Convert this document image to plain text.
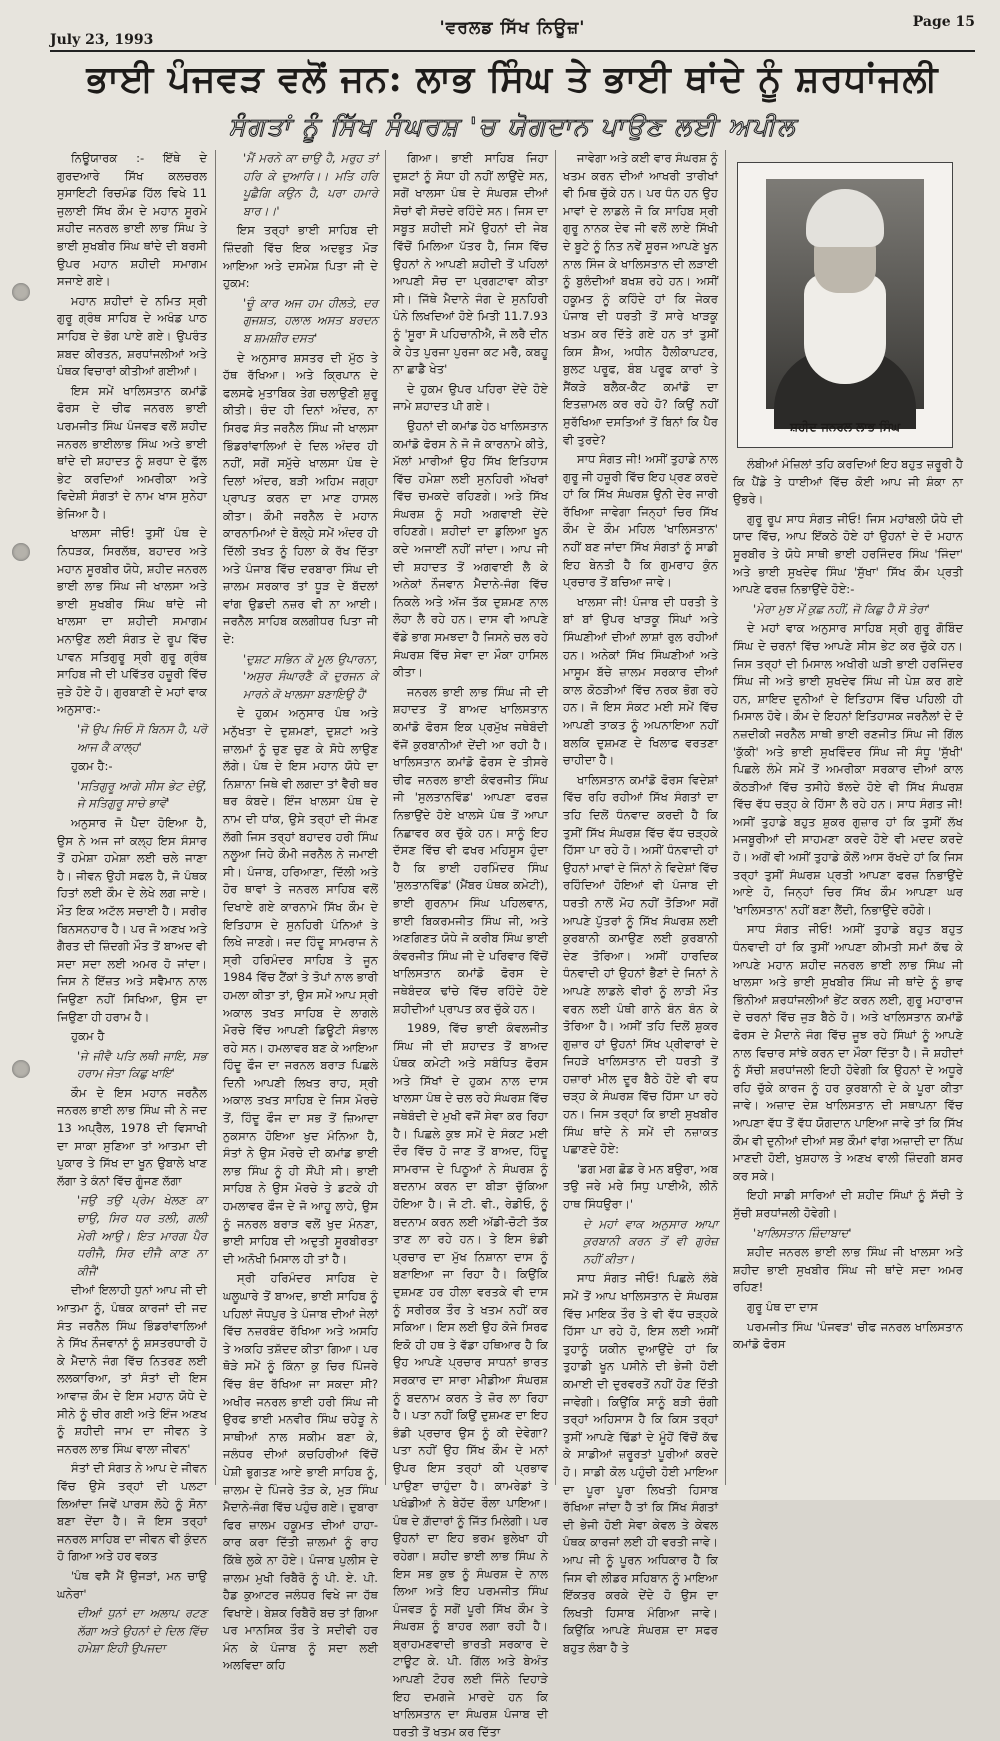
July 23, 1993
'ਵਰਲਡ ਸਿੱਖ ਨਿਊਜ਼'	Page 15
ਭਾਈ ਪੰਜਵੜ ਵਲੋਂ ਜਨ: ਲਾਭ ਸਿੰਘ ਤੇ ਭਾਈ ਥਾਂਦੇ ਨੂੰ ਸ਼ਰਧਾਂਜਲੀ
ਸੰਗਤਾਂ ਨੂੰ ਸਿੱਖ ਸੰਘਰਸ਼ 'ਚ ਯੋਗਦਾਨ ਪਾਉਣ ਲਈ ਅਪੀਲ

ਨਿਊਯਾਰਕ :- ਇੱਥੇ ਦੇ ਗੁਰਦਆਰੇ ਸਿੱਖ ਕਲਚਰਲ ਸੁਸਾਇਟੀ ਰਿਚਮੰਡ ਹਿੱਲ ਵਿਖੇ 11 ਜੁਲਾਈ ਸਿੱਖ ਕੌਮ ਦੇ ਮਹਾਨ ਸੂਰਮੇ ਸ਼ਹੀਦ ਜਨਰਲ ਭਾਈ ਲਾਭ ਸਿੰਘ ਤੇ ਭਾਈ ਸੁਖਬੀਰ ਸਿੰਘ ਥਾਂਦੇ ਦੀ ਬਰਸੀ ਉਪਰ ਮਹਾਨ ਸ਼ਹੀਦੀ ਸਮਾਗਮ ਸਜਾਏ ਗਏ।

ਮਹਾਨ ਸ਼ਹੀਦਾਂ ਦੇ ਨਮਿਤ ਸ੍ਰੀ ਗੁਰੂ ਗ੍ਰੰਥ ਸਾਹਿਬ ਦੇ ਅਖੰਡ ਪਾਠ ਸਾਹਿਬ ਦੇ ਭੋਗ ਪਾਏ ਗਏ। ਉਪਰੰਤ ਸ਼ਬਦ ਕੀਰਤਨ, ਸ਼ਰਧਾਂਜਲੀਆਂ ਅਤੇ ਪੰਥਕ ਵਿਚਾਰਾਂ ਕੀਤੀਆਂ ਗਈਆਂ।

ਇਸ ਸਮੇਂ ਖਾਲਿਸਤਾਨ ਕਮਾਂਡੋ ਫੋਰਸ ਦੇ ਚੀਫ ਜਨਰਲ ਭਾਈ ਪਰਮਜੀਤ ਸਿੰਘ ਪੰਜਵੜ ਵਲੋਂ ਸ਼ਹੀਦ ਜਨਰਲ ਭਾਈਲਾਭ ਸਿੰਘ ਅਤੇ ਭਾਈ ਥਾਂਦੇ ਦੀ ਸ਼ਹਾਦਤ ਨੂੰ ਸ਼ਰਧਾ ਦੇ ਫੁੱਲ ਭੇਟ ਕਰਦਿਆਂ ਅਮਰੀਕਾ ਅਤੇ ਵਿਦੇਸ਼ੀ ਸੰਗਤਾਂ ਦੇ ਨਾਮ ਖਾਸ ਸੁਨੇਹਾ ਭੇਜਿਆ ਹੈ।

ਖਾਲਸਾ ਜੀਓ! ਤੁਸੀਂ ਪੰਥ ਦੇ ਨਿਧੜਕ, ਸਿਰਲੱਥ, ਬਹਾਦਰ ਅਤੇ ਮਹਾਨ ਸੂਰਬੀਰ ਯੋਧੇ, ਸ਼ਹੀਦ ਜਨਰਲ ਭਾਈ ਲਾਭ ਸਿੰਘ ਜੀ ਖਾਲਸਾ ਅਤੇ ਭਾਈ ਸੁਖਬੀਰ ਸਿੰਘ ਥਾਂਦੇ ਜੀ ਖਾਲਸਾ ਦਾ ਸ਼ਹੀਦੀ ਸਮਾਗਮ ਮਨਾਉਣ ਲਈ ਸੰਗਤ ਦੇ ਰੂਪ ਵਿੱਚ ਪਾਵਨ ਸਤਿਗੁਰੂ ਸ੍ਰੀ ਗੁਰੂ ਗ੍ਰੰਥ ਸਾਹਿਬ ਜੀ ਦੀ ਪਵਿੱਤਰ ਹਜ਼ੂਰੀ ਵਿੱਚ ਜੁੜੇ ਹੋਏ ਹੋ। ਗੁਰਬਾਣੀ ਦੇ ਮਹਾਂ ਵਾਕ ਅਨੁਸਾਰ:-

'ਜੋ ਉਪ ਜਿਓ ਸੋ ਬਿਨਸ ਹੈ, ਪਰੋ ਆਜ ਕੈ ਕਾਲ੍ਹ'

ਹੁਕਮ ਹੈ:-

'ਸਤਿਗੁਰੂ ਆਗੇ ਸੀਸ ਭੇਟ ਦੇਉਂ, ਜੇ ਸਤਿਗੁਰੂ ਸਾਚੇ ਭਾਵੇਂ'

ਅਨੁਸਾਰ ਜੋ ਪੈਦਾ ਹੋਇਆ ਹੈ, ਉਸ ਨੇ ਅਜ ਜਾਂ ਕਲ੍ਹ ਇਸ ਸੰਸਾਰ ਤੋਂ ਹਮੇਸ਼ਾ ਹਮੇਸ਼ਾ ਲਈ ਚਲੇ ਜਾਣਾ ਹੈ। ਜੀਵਨ ਉਹੀ ਸਫਲ ਹੈ, ਜੋ ਪੰਥਕ ਹਿਤਾਂ ਲਈ ਕੌਮ ਦੇ ਲੇਖੇ ਲਗ ਜਾਏ। ਮੌਤ ਇਕ ਅਟੱਲ ਸਚਾਈ ਹੈ। ਸਰੀਰ ਬਿਨਸਨਹਾਰ ਹੈ। ਪਰ ਜੋ ਅਣਖ ਅਤੇ ਗੈਰਤ ਦੀ ਜ਼ਿੰਦਗੀ ਮੌਤ ਤੋਂ ਬਾਅਦ ਵੀ ਸਦਾ ਸਦਾ ਲਈ ਅਮਰ ਹੋ ਜਾਂਦਾ। ਜਿਸ ਨੇ ਇੱਜ਼ਤ ਅਤੇ ਸਵੈਮਾਨ ਨਾਲ ਜਿਉਣਾ ਨਹੀਂ ਸਿਖਿਆ, ਉਸ ਦਾ ਜਿਉਣਾ ਹੀ ਹਰਾਮ ਹੈ।

ਹੁਕਮ ਹੈ

'ਜੇ ਜੀਵੈ ਪਤਿ ਲਥੀ ਜਾਇ, ਸਭ ਹਰਾਮ ਜੇਤਾ ਕਿਛੁ ਖਾਇ'

ਕੌਮ ਦੇ ਇਸ ਮਹਾਨ ਜਰਨੈਲ ਜਨਰਲ ਭਾਈ ਲਾਭ ਸਿੰਘ ਜੀ ਨੇ ਜਦ 13 ਅਪ੍ਰੈਲ, 1978 ਦੀ ਵਿਸਾਖੀ ਦਾ ਸਾਕਾ ਸੁਣਿਆ ਤਾਂ ਆਤਮਾ ਦੀ ਪੁਕਾਰ ਤੇ ਸਿੱਖ ਦਾ ਖੂਨ ਉਬਾਲੇ ਖਾਣ ਲੱਗਾ ਤੇ ਕੰਨਾਂ ਵਿੱਚ ਗੂੰਜਣ ਲੱਗਾ

'ਜਉ ਤਉ ਪ੍ਰੇਮ ਖੇਲਣ ਕਾ ਚਾਉ, ਸਿਰ ਧਰ ਤਲੀ, ਗਲੀ ਮੇਰੀ ਆਉ। ਇਤ ਮਾਰਗ ਪੈਰ ਧਰੀਜੈ, ਸਿਰ ਦੀਜੈ ਕਾਣ ਨਾ ਕੀਜੈ'

ਦੀਆਂ ਇਲਾਹੀ ਧੁਨਾਂ ਆਪ ਜੀ ਦੀ ਆਤਮਾ ਨੂੰ, ਪੰਥਕ ਕਾਰਜਾਂ ਦੀ ਜਦ ਸੰਤ ਜਰਨੈਲ ਸਿੰਘ ਭਿੰਡਰਾਂਵਾਲਿਆਂ ਨੇ ਸਿੱਖ ਨੌਜਵਾਨਾਂ ਨੂੰ ਸ਼ਸਤਰਧਾਰੀ ਹੋ ਕੇ ਮੈਦਾਨੇ ਜੰਗ ਵਿੱਚ ਨਿਤਰਣ ਲਈ ਲਲਕਾਰਿਆ, ਤਾਂ ਸੰਤਾਂ ਦੀ ਇਸ ਆਵਾਜ਼ ਕੌਮ ਦੇ ਇਸ ਮਹਾਨ ਯੋਧੇ ਦੇ ਸੀਨੇ ਨੂੰ ਚੀਰ ਗਈ ਅਤੇ ਇੰਜ ਅਣਖ ਨੂੰ ਸ਼ਹੀਦੀ ਜਾਮ ਦਾ ਜੀਵਨ ਤੇ ਜਨਰਲ ਲਾਭ ਸਿੰਘ ਵਾਲਾ ਜੀਵਨ'

ਸੰਤਾਂ ਦੀ ਸੰਗਤ ਨੇ ਆਪ ਦੇ ਜੀਵਨ ਵਿੱਚ ਉਸੇ ਤਰ੍ਹਾਂ ਦੀ ਪਲਟਾ ਲਿਆਂਦਾ ਜਿਵੇਂ ਪਾਰਸ ਲੋਹੇ ਨੂੰ ਸੋਨਾ ਬਣਾ ਦੇਂਦਾ ਹੈ। ਜੋ ਇਸ ਤਰ੍ਹਾਂ ਜਨਰਲ ਸਾਹਿਬ ਦਾ ਜੀਵਨ ਵੀ ਕੁੰਦਨ ਹੋ ਗਿਆ ਅਤੇ ਹਰ ਵਕਤ

'ਪੰਥ ਵਸੈ ਮੈਂ ਉਜੜਾਂ, ਮਨ ਚਾਉ ਘਨੇਰਾ'

ਦੀਆਂ ਧੁਨਾਂ ਦਾ ਅਲਾਪ ਰਟਣ ਲੱਗਾ ਅਤੇ ਉਹਨਾਂ ਦੇ ਦਿਲ ਵਿੱਚ ਹਮੇਸ਼ਾ ਇਹੀ ਉਪਜਦਾ

'ਮੈਂ ਮਰਨੇ ਕਾ ਚਾਉ ਹੈ, ਮਰੁਹ ਤਾਂ ਹਰਿ ਕੇ ਦੁਆਰਿ।। ਮਤਿ ਹਰਿ ਪੂਛੈਗਿ ਕਉਨ ਹੈ, ਪਰਾ ਹਮਾਰੇ ਬਾਰ।।'

ਇਸ ਤਰ੍ਹਾਂ ਭਾਈ ਸਾਹਿਬ ਦੀ ਜ਼ਿੰਦਗੀ ਵਿੱਚ ਇਕ ਅਦਭੁਤ ਮੋੜ ਆਇਆ ਅਤੇ ਦਸਮੇਸ਼ ਪਿਤਾ ਜੀ ਦੇ ਹੁਕਮ:

'ਚੂੰ ਕਾਰ ਅਜ ਹਮ ਹੀਲਤੇ, ਦਰ ਗੁਜਸ਼ਤ, ਹਲਾਲ ਅਸਤ ਬਰਦਨ ਬ ਸ਼ਮਸ਼ੀਰ ਦਸਤ'

ਦੇ ਅਨੁਸਾਰ ਸ਼ਸਤਰ ਦੀ ਮੁੱਠ ਤੇ ਹੱਥ ਰੱਖਿਆ। ਅਤੇ ਕ੍ਰਿਪਾਨ ਦੇ ਫਲਸਫੇ ਮੁਤਾਬਿਕ ਤੇਗ ਚਲਾਉਣੀ ਸ਼ੁਰੂ ਕੀਤੀ। ਚੰਦ ਹੀ ਦਿਨਾਂ ਅੰਦਰ, ਨਾ ਸਿਰਫ ਸੰਤ ਜਰਨੈਲ ਸਿੰਘ ਜੀ ਖਾਲਸਾ ਭਿੰਡਰਾਂਵਾਲਿਆਂ ਦੇ ਦਿਲ ਅੰਦਰ ਹੀ ਨਹੀਂ, ਸਗੋਂ ਸਮੁੱਚੇ ਖਾਲਸਾ ਪੰਥ ਦੇ ਦਿਲਾਂ ਅੰਦਰ, ਬੜੀ ਅਹਿਮ ਜਗ੍ਹਾ ਪ੍ਰਾਪਤ ਕਰਨ ਦਾ ਮਾਣ ਹਾਸਲ ਕੀਤਾ। ਕੌਮੀ ਜਰਨੈਲ ਦੇ ਮਹਾਨ ਕਾਰਨਾਮਿਆਂ ਦੇ ਬੋਲ੍ਹੇ ਸਮੇਂ ਅੰਦਰ ਹੀ ਦਿੱਲੀ ਤਖਤ ਨੂੰ ਹਿਲਾ ਕੇ ਰੱਖ ਦਿੱਤਾ ਅਤੇ ਪੰਜਾਬ ਵਿੱਚ ਦਰਬਾਰਾ ਸਿੰਘ ਦੀ ਜ਼ਾਲਮ ਸਰਕਾਰ ਤਾਂ ਧੂੜ ਦੇ ਬੱਦਲਾਂ ਵਾਂਗ ਉਡਦੀ ਨਜ਼ਰ ਵੀ ਨਾ ਆਈ। ਜਰਨੈਲ ਸਾਹਿਬ ਕਲਗੀਧਰ ਪਿਤਾ ਜੀ ਦੇ:

'ਦੁਸ਼ਟ ਸਭਿਨ ਕੋ ਮੂਲ ਉਪਾਰਨਾ, 'ਅਸੁਰ ਸੰਘਾਰਣੈ ਕੋ ਦੁਰਜਨ ਕੇ ਮਾਰਨੇ ਕੋ ਖਾਲਸਾ ਬਣਾਇਉ ਹੈ'

ਦੇ ਹੁਕਮ ਅਨੁਸਾਰ ਪੰਥ ਅਤੇ ਮਨੁੱਖਤਾ ਦੇ ਦੁਸ਼ਮਣਾਂ, ਦੁਸ਼ਟਾਂ ਅਤੇ ਜ਼ਾਲਮਾਂ ਨੂੰ ਚੁਣ ਚੁਣ ਕੇ ਸੋਧੇ ਲਾਉਣ ਲੱਗੇ। ਪੰਥ ਦੇ ਇਸ ਮਹਾਨ ਯੋਧੇ ਦਾ ਨਿਸ਼ਾਨਾ ਜਿਥੇ ਵੀ ਲਗਦਾ ਤਾਂ ਵੈਰੀ ਥਰ ਥਰ ਕੰਬਦੇ। ਇੰਜ ਖਾਲਸਾ ਪੰਥ ਦੇ ਨਾਮ ਦੀ ਧਾਂਕ, ਉਸੇ ਤਰ੍ਹਾਂ ਦੀ ਜੰਮਣ ਲੱਗੀ ਜਿਸ ਤਰ੍ਹਾਂ ਬਹਾਦਰ ਹਰੀ ਸਿੰਘ ਨਲੂਆ ਜਿਹੇ ਕੌਮੀ ਜਰਨੈਲ ਨੇ ਜਮਾਈ ਸੀ। ਪੰਜਾਬ, ਹਰਿਆਣਾ, ਦਿੱਲੀ ਅਤੇ ਹੋਰ ਥਾਵਾਂ ਤੇ ਜਨਰਲ ਸਾਹਿਬ ਵਲੋਂ ਦਿਖਾਏ ਗਏ ਕਾਰਨਾਮੇ ਸਿੱਖ ਕੌਮ ਦੇ ਇਤਿਹਾਸ ਦੇ ਸੁਨਹਿਰੀ ਪੰਨਿਆਂ ਤੇ ਲਿਖੇ ਜਾਣਗੇ। ਜਦ ਹਿੰਦੂ ਸਾਮਰਾਜ ਨੇ ਸ੍ਰੀ ਹਰਿਮੰਦਰ ਸਾਹਿਬ ਤੇ ਜੂਨ 1984 ਵਿੱਚ ਟੈਂਕਾਂ ਤੇ ਤੋਪਾਂ ਨਾਲ ਭਾਰੀ ਹਮਲਾ ਕੀਤਾ ਤਾਂ, ਉਸ ਸਮੇਂ ਆਪ ਸ੍ਰੀ ਅਕਾਲ ਤਖਤ ਸਾਹਿਬ ਦੇ ਲਾਗਲੇ ਮੋਰਚੇ ਵਿੱਚ ਆਪਣੀ ਡਿਊਟੀ ਸੰਭਾਲ ਰਹੇ ਸਨ। ਹਮਲਾਵਰ ਬਣ ਕੇ ਆਇਆ ਹਿੰਦੂ ਫੌਜ ਦਾ ਜਰਨਲ ਬਰਾੜ ਪਿਛਲੇ ਦਿਨੀ ਆਪਣੀ ਲਿਖਤ ਰਾਹ, ਸ੍ਰੀ ਅਕਾਲ ਤਖਤ ਸਾਹਿਬ ਦੇ ਜਿਸ ਮੋਰਚੇ ਤੋਂ, ਹਿੰਦੂ ਫੌਜ ਦਾ ਸਭ ਤੋਂ ਜ਼ਿਆਦਾ ਨੁਕਸਾਨ ਹੋਇਆ ਖੁਦ ਮੰਨਿਆ ਹੈ, ਸੰਤਾਂ ਨੇ ਉਸ ਮੋਰਚੇ ਦੀ ਕਮਾਂਡ ਭਾਈ ਲਾਭ ਸਿੰਘ ਨੂੰ ਹੀ ਸੌਂਪੀ ਸੀ। ਭਾਈ ਸਾਹਿਬ ਨੇ ਉਸ ਮੋਰਚੇ ਤੇ ਡਟਕੇ ਹੀ ਹਮਲਾਵਰ ਫੌਜ ਦੇ ਜੋ ਆਹੂ ਲਾਹੇ, ਉਸ ਨੂੰ ਜਨਰਲ ਬਰਾੜ ਵਲੋਂ ਖੁਦ ਮੰਨਣਾ, ਭਾਈ ਸਾਹਿਬ ਦੀ ਅਦੁਤੀ ਸੂਰਬੀਰਤਾ ਦੀ ਅਨੋਖੀ ਮਿਸਾਲ ਹੀ ਤਾਂ ਹੈ।

ਸ੍ਰੀ ਹਰਿਮੰਦਰ ਸਾਹਿਬ ਦੇ ਘਲੂਘਾਰੇ ਤੋਂ ਬਾਅਦ, ਭਾਈ ਸਾਹਿਬ ਨੂੰ ਪਹਿਲਾਂ ਜੋਧਪੁਰ ਤੇ ਪੰਜਾਬ ਦੀਆਂ ਜੇਲਾਂ ਵਿੱਚ ਨਜ਼ਰਬੰਦ ਰੱਖਿਆ ਅਤੇ ਅਸਹਿ ਤੇ ਅਕਹਿ ਤਸ਼ੱਦਦ ਕੀਤਾ ਗਿਆ। ਪਰ ਥੋੜੇ ਸਮੇਂ ਨੂੰ ਕਿੰਨਾ ਕੁ ਚਿਰ ਪਿੰਜਰੇ ਵਿੱਚ ਬੰਦ ਰੱਖਿਆ ਜਾ ਸਕਦਾ ਸੀ? ਅਖੀਰ ਜਨਰਲ ਭਾਈ ਹਰੀ ਸਿੰਘ ਜੀ ਉਰਫ ਭਾਈ ਮਨਵੀਰ ਸਿੰਘ ਚਹੇੜੂ ਨੇ ਸਾਥੀਆਂ ਨਾਲ ਸਕੀਮ ਬਣਾ ਕੇ, ਜਲੰਧਰ ਦੀਆਂ ਕਚਹਿਰੀਆਂ ਵਿੱਚੋਂ ਪੇਸ਼ੀ ਭੁਗਤਣ ਆਏ ਭਾਈ ਸਾਹਿਬ ਨੂੰ, ਜ਼ਾਲਮ ਦੇ ਪਿੰਜਰੇ ਤੋੜ ਕੇ, ਮੁੜ ਸਿੰਘ ਮੈਦਾਨੇ-ਜੰਗ ਵਿੱਚ ਪਹੁੰਚ ਗਏ। ਦੁਬਾਰਾ ਫਿਰ ਜ਼ਾਲਮ ਹਕੂਮਤ ਦੀਆਂ ਹਾਹਾ-ਕਾਰ ਕਰਾ ਦਿੱਤੀ ਜ਼ਾਲਮਾਂ ਨੂੰ ਰਾਹ ਕਿੱਥੇ ਲੁਕੇ ਨਾ ਹੋਏ। ਪੰਜਾਬ ਪੁਲੀਸ ਦੇ ਜ਼ਾਲਮ ਮੁਖੀ ਰਿਬੈਰੋ ਨੂੰ ਪੀ. ਏ. ਪੀ. ਹੈਡ ਕੁਆਟਰ ਜਲੰਧਰ ਵਿਖੇ ਜਾ ਹੱਥ ਵਿਖਾਏ। ਬੇਸ਼ਕ ਰਿਬੈਰੋ ਬਚ ਤਾਂ ਗਿਆ ਪਰ ਮਾਨਸਿਕ ਤੌਰ ਤੇ ਸਦੀਵੀ ਹਰ ਮੰਨ ਕੇ ਪੰਜਾਬ ਨੂੰ ਸਦਾ ਲਈ ਅਲਵਿਦਾ ਕਹਿ

ਗਿਆ। ਭਾਈ ਸਾਹਿਬ ਜਿਹਾ ਦੁਸ਼ਟਾਂ ਨੂੰ ਸੋਧਾ ਹੀ ਨਹੀਂ ਲਾਉਂਦੇ ਸਨ, ਸਗੋਂ ਖਾਲਸਾ ਪੰਥ ਦੇ ਸੰਘਰਸ਼ ਦੀਆਂ ਸੋਚਾਂ ਵੀ ਸੋਚਦੇ ਰਹਿੰਦੇ ਸਨ। ਜਿਸ ਦਾ ਸਬੂਤ ਸ਼ਹੀਦੀ ਸਮੇਂ ਉਹਨਾਂ ਦੀ ਜੇਬ ਵਿੱਚੋਂ ਮਿਲਿਆ ਪੱਤਰ ਹੈ, ਜਿਸ ਵਿੱਚ ਉਹਨਾਂ ਨੇ ਆਪਣੀ ਸ਼ਹੀਦੀ ਤੋਂ ਪਹਿਲਾਂ ਆਪਣੀ ਸੋਚ ਦਾ ਪ੍ਰਗਟਾਵਾ ਕੀਤਾ ਸੀ। ਜਿੱਥੇ ਮੈਦਾਨੇ ਜੰਗ ਦੇ ਸੁਨਹਿਰੀ ਪੰਨੇ ਲਿਖਦਿਆਂ ਹੋਏ ਮਿਤੀ 11.7.93 ਨੂੰ 'ਸੂਰਾ ਸੋ ਪਹਿਚਾਨੀਐ, ਜੋ ਲਰੈ ਦੀਨ ਕੇ ਹੇਤ ਪੁਰਜਾ ਪੁਰਜਾ ਕਟ ਮਰੈ, ਕਬਹੂ ਨਾ ਛਾਡੈ ਖੇਤ'

ਦੇ ਹੁਕਮ ਉਪਰ ਪਹਿਰਾ ਦੇਂਦੇ ਹੋਏ ਜਾਮੇ ਸ਼ਹਾਦਤ ਪੀ ਗਏ।

ਉਹਨਾਂ ਦੀ ਕਮਾਂਡ ਹੇਠ ਖਾਲਿਸਤਾਨ ਕਮਾਂਡੋ ਫੋਰਸ ਨੇ ਜੋ ਜੋ ਕਾਰਨਾਮੇ ਕੀਤੇ, ਮੱਲਾਂ ਮਾਰੀਆਂ ਉਹ ਸਿੱਖ ਇਤਿਹਾਸ ਵਿੱਚ ਹਮੇਸ਼ਾ ਲਈ ਸੁਨਹਿਰੀ ਅੱਖਰਾਂ ਵਿੱਚ ਚਮਕਦੇ ਰਹਿਣਗੇ। ਅਤੇ ਸਿੱਖ ਸੰਘਰਸ਼ ਨੂੰ ਸਹੀ ਅਗਵਾਈ ਦੇਂਦੇ ਰਹਿਣਗੇ। ਸ਼ਹੀਦਾਂ ਦਾ ਡੁਲਿਆ ਖੂਨ ਕਦੇ ਅਜਾਈਂ ਨਹੀਂ ਜਾਂਦਾ। ਆਪ ਜੀ ਦੀ ਸ਼ਹਾਦਤ ਤੋਂ ਅਗਵਾਈ ਲੈ ਕੇ ਅਨੇਕਾਂ ਨੌਜਵਾਨ ਮੈਦਾਨੇ-ਜੰਗ ਵਿੱਚ ਨਿਕਲੇ ਅਤੇ ਅੱਜ ਤੱਕ ਦੁਸ਼ਮਣ ਨਾਲ ਲੋਹਾ ਲੈ ਰਹੇ ਹਨ। ਦਾਸ ਵੀ ਆਪਣੇ ਵੱਡੇ ਭਾਗ ਸਮਝਦਾ ਹੈ ਜਿਸਨੇ ਚਲ ਰਹੇ ਸੰਘਰਸ਼ ਵਿੱਚ ਸੇਵਾ ਦਾ ਮੌਕਾ ਹਾਸਿਲ ਕੀਤਾ।

ਜਨਰਲ ਭਾਈ ਲਾਭ ਸਿੰਘ ਜੀ ਦੀ ਸ਼ਹਾਦਤ ਤੋਂ ਬਾਅਦ ਖਾਲਿਸਤਾਨ ਕਮਾਂਡੋ ਫੋਰਸ ਇਕ ਪ੍ਰਮੁੱਖ ਜਥੇਬੰਦੀ ਵੱਜੋਂ ਕੁਰਬਾਨੀਆਂ ਦੇਂਦੀ ਆ ਰਹੀ ਹੈ। ਖਾਲਿਸਤਾਨ ਕਮਾਂਡੋ ਫੋਰਸ ਦੇ ਤੀਸਰੇ ਚੀਫ ਜਨਰਲ ਭਾਈ ਕੰਵਰਜੀਤ ਸਿੰਘ ਜੀ 'ਸੁਲਤਾਨਵਿੰਡ' ਆਪਣਾ ਫਰਜ਼ ਨਿਭਾਉਂਦੇ ਹੋਏ ਖਾਲਸੇ ਪੰਥ ਤੋਂ ਆਪਾ ਨਿਛਾਵਰ ਕਰ ਚੁੱਕੇ ਹਨ। ਸਾਨੂੰ ਇਹ ਦੱਸਣ ਵਿੱਚ ਵੀ ਫਖਰ ਮਹਿਸੂਸ ਹੁੰਦਾ ਹੈ ਕਿ ਭਾਈ ਹਰਮਿੰਦਰ ਸਿੰਘ 'ਸੁਲਤਾਨਵਿੰਡ' (ਮੈਂਬਰ ਪੰਥਕ ਕਮੇਟੀ), ਭਾਈ ਗੁਰਨਾਮ ਸਿੰਘ ਪਹਿਲਵਾਨ, ਭਾਈ ਬਿਕਰਮਜੀਤ ਸਿੰਘ ਜੀ, ਅਤੇ ਅਣਗਿਣਤ ਯੋਧੇ ਜੋ ਕਰੀਬ ਸਿੰਘ ਭਾਈ ਕੰਵਰਜੀਤ ਸਿੰਘ ਜੀ ਦੇ ਪਰਿਵਾਰ ਵਿੱਚੋਂ ਖਾਲਿਸਤਾਨ ਕਮਾਂਡੋ ਫੋਰਸ ਦੇ ਜਥੇਬੰਦਕ ਢਾਂਚੇ ਵਿੱਚ ਰਹਿੰਦੇ ਹੋਏ ਸ਼ਹੀਦੀਆਂ ਪ੍ਰਾਪਤ ਕਰ ਚੁੱਕੇ ਹਨ।

1989, ਵਿੱਚ ਭਾਈ ਕੰਵਲਜੀਤ ਸਿੰਘ ਜੀ ਦੀ ਸ਼ਹਾਦਤ ਤੋਂ ਬਾਅਦ ਪੰਥਕ ਕਮੇਟੀ ਅਤੇ ਸਬੰਧਿਤ ਫੋਰਸ ਅਤੇ ਸਿੱਖਾਂ ਦੇ ਹੁਕਮ ਨਾਲ ਦਾਸ ਖਾਲਸਾ ਪੰਥ ਦੇ ਚਲ ਰਹੇ ਸੰਘਰਸ਼ ਵਿੱਚ ਜਥੇਬੰਦੀ ਦੇ ਮੁਖੀ ਵਜੋਂ ਸੇਵਾ ਕਰ ਰਿਹਾ ਹੈ। ਪਿਛਲੇ ਕੁਝ ਸਮੇਂ ਦੇ ਸੰਕਟ ਮਈ ਦੌਰ ਵਿੱਚ ਹੋ ਜਾਣ ਤੋਂ ਬਾਅਦ, ਹਿੰਦੂ ਸਾਮਰਾਜ ਦੇ ਪਿਠੂਆਂ ਨੇ ਸੰਘਰਸ਼ ਨੂੰ ਬਦਨਾਮ ਕਰਨ ਦਾ ਬੀੜਾ ਚੁੱਕਿਆ ਹੋਇਆ ਹੈ। ਜੋ ਟੀ. ਵੀ., ਰੇਡੀਓ, ਨੂੰ ਬਦਨਾਮ ਕਰਨ ਲਈ ਅੱਡੀ-ਚੋਟੀ ਤੱਕ ਤਾਣ ਲਾ ਰਹੇ ਹਨ। ਤੇ ਇਸ ਭੰਡੀ ਪ੍ਰਚਾਰ ਦਾ ਮੁੱਖ ਨਿਸ਼ਾਨਾ ਦਾਸ ਨੂੰ ਬਣਾਇਆ ਜਾ ਰਿਹਾ ਹੈ। ਕਿਉਂਕਿ ਦੁਸ਼ਮਣ ਹਰ ਹੀਲਾ ਵਰਤਕੇ ਵੀ ਦਾਸ ਨੂੰ ਸਰੀਰਕ ਤੌਰ ਤੇ ਖਤਮ ਨਹੀਂ ਕਰ ਸਕਿਆ। ਇਸ ਲਈ ਉਹ ਕੋਜੇ ਸਿਰਫ ਇਕੋ ਹੀ ਹਥ ਤੇ ਵੱਡਾ ਹਥਿਆਰ ਹੈ ਕਿ ਉਹ ਆਪਣੇ ਪ੍ਰਚਾਰ ਸਾਧਨਾਂ ਭਾਰਤ ਸਰਕਾਰ ਦਾ ਸਾਰਾ ਮੀਡੀਆ ਸੰਘਰਸ਼ ਨੂੰ ਬਦਨਾਮ ਕਰਨ ਤੇ ਜ਼ੋਰ ਲਾ ਰਿਹਾ ਹੈ। ਪਤਾ ਨਹੀਂ ਕਿਉਂ ਦੁਸ਼ਮਣ ਦਾ ਇਹ ਭੰਡੀ ਪ੍ਰਚਾਰ ਉਸ ਨੂੰ ਕੀ ਦੇਵੇਗਾ? ਪਤਾ ਨਹੀਂ ਉਹ ਸਿੱਖ ਕੌਮ ਦੇ ਮਨਾਂ ਉਪਰ ਇਸ ਤਰ੍ਹਾਂ ਕੀ ਪ੍ਰਭਾਵ ਪਾਉਣਾ ਚਾਹੁੰਦਾ ਹੈ। ਕਾਮਰੇਡਾਂ ਤੇ ਪਖੰਡੀਆਂ ਨੇ ਬੇਹੱਦ ਰੌਲਾ ਪਾਇਆ। ਪੰਥ ਦੇ ਗ਼ੱਦਾਰਾਂ ਨੂੰ ਜਿੱਤ ਮਿਲੇਗੀ। ਪਰ ਉਹਨਾਂ ਦਾ ਇਹ ਭਰਮ ਭੁਲੇਖਾ ਹੀ ਰਹੇਗਾ। ਸ਼ਹੀਦ ਭਾਈ ਲਾਭ ਸਿੰਘ ਨੇ ਇਸ ਸਭ ਕੁਝ ਨੂੰ ਸੰਘਰਸ਼ ਦੇ ਨਾਲ ਲਿਆ ਅਤੇ ਇਹ ਪਰਮਜੀਤ ਸਿੰਘ ਪੰਜਵੜ ਨੂੰ ਸਗੋਂ ਪੂਰੀ ਸਿੱਖ ਕੌਮ ਤੇ ਸੰਘਰਸ਼ ਨੂੰ ਬਾਹਰ ਲਗਾ ਰਹੀ ਹੈ। ਬ੍ਰਾਹਮਣਵਾਦੀ ਭਾਰਤੀ ਸਰਕਾਰ ਦੇ ਟਾਊਟ ਕੇ. ਪੀ. ਗਿੱਲ ਅਤੇ ਬੇਅੰਤ ਆਪਣੀ ਟੋਹਰ ਲਈ ਜਿੰਨੇ ਦਿਹਾੜੇ ਇਹ ਦਮਗਜੇ ਮਾਰਦੇ ਹਨ ਕਿ ਖਾਲਿਸਤਾਨ ਦਾ ਸੰਘਰਸ਼ ਪੰਜਾਬ ਦੀ ਧਰਤੀ ਤੋਂ ਖਤਮ ਕਰ ਦਿੱਤਾ

ਜਾਵੇਗਾ ਅਤੇ ਕਈ ਵਾਰ ਸੰਘਰਸ਼ ਨੂੰ ਖਤਮ ਕਰਨ ਦੀਆਂ ਆਖਰੀ ਤਾਰੀਖਾਂ ਵੀ ਮਿਥ ਚੁੱਕੇ ਹਨ। ਪਰ ਧੰਨ ਹਨ ਉਹ ਮਾਵਾਂ ਦੇ ਲਾਡਲੇ ਜੋ ਕਿ ਸਾਹਿਬ ਸ੍ਰੀ ਗੁਰੂ ਨਾਨਕ ਦੇਵ ਜੀ ਵਲੋਂ ਲਾਏ ਸਿੱਖੀ ਦੇ ਬੂਟੇ ਨੂੰ ਨਿਤ ਨਵੇਂ ਸੂਰਜ ਆਪਣੇ ਖੂਨ ਨਾਲ ਸਿੰਜ ਕੇ ਖਾਲਿਸਤਾਨ ਦੀ ਲੜਾਈ ਨੂੰ ਬੁਲੰਦੀਆਂ ਬਖਸ਼ ਰਹੇ ਹਨ। ਅਸੀਂ ਹਕੂਮਤ ਨੂੰ ਕਹਿੰਦੇ ਹਾਂ ਕਿ ਜੇਕਰ ਪੰਜਾਬ ਦੀ ਧਰਤੀ ਤੋਂ ਸਾਰੇ ਖਾੜਕੂ ਖਤਮ ਕਰ ਦਿੱਤੇ ਗਏ ਹਨ ਤਾਂ ਤੁਸੀਂ ਕਿਸ ਸ਼ੈਅ, ਅਧੀਨ ਹੈਲੀਕਾਪਟਰ, ਬੁਲਟ ਪਰੂਫ, ਬੰਬ ਪਰੂਫ ਕਾਰਾਂ ਤੇ ਸੈਂਕੜੇ ਬਲੈਕ-ਕੈਟ ਕਮਾਂਡੋ ਦਾ ਇਤਜ਼ਾਮਲ ਕਰ ਰਹੇ ਹੋ? ਕਿਉਂ ਨਹੀਂ ਸੁਰੱਖਿਆ ਦਸਤਿਆਂ ਤੋਂ ਬਿਨਾਂ ਕਿ ਪੈਰ ਵੀ ਤੁਰਦੇ?

ਸਾਧ ਸੰਗਤ ਜੀ! ਅਸੀਂ ਤੁਹਾਡੇ ਨਾਲ ਗੁਰੂ ਜੀ ਹਜ਼ੂਰੀ ਵਿੱਚ ਇਹ ਪ੍ਰਣ ਕਰਦੇ ਹਾਂ ਕਿ ਸਿੱਖ ਸੰਘਰਸ਼ ਉਨੀ ਦੇਰ ਜਾਰੀ ਰੱਖਿਆ ਜਾਵੇਗਾ ਜਿਨ੍ਹਾਂ ਚਿਰ ਸਿੱਖ ਕੌਮ ਦੇ ਕੌਮ ਮਹਿਲ 'ਖਾਲਿਸਤਾਨ' ਨਹੀਂ ਬਣ ਜਾਂਦਾ ਸਿੱਖ ਸੰਗਤਾਂ ਨੂੰ ਸਾਡੀ ਇਹ ਬੇਨਤੀ ਹੈ ਕਿ ਗੁਮਰਾਹ ਕੁੰਨ ਪ੍ਰਚਾਰ ਤੋਂ ਬਚਿਆ ਜਾਵੇ।

ਖਾਲਸਾ ਜੀ! ਪੰਜਾਬ ਦੀ ਧਰਤੀ ਤੇ ਬਾਂ ਬਾਂ ਉਪਰ ਖਾੜਕੂ ਸਿੰਘਾਂ ਅਤੇ ਸਿੰਘਣੀਆਂ ਦੀਆਂ ਲਾਸ਼ਾਂ ਰੁਲ ਰਹੀਆਂ ਹਨ। ਅਨੇਕਾਂ ਸਿੱਖ ਸਿੰਘਣੀਆਂ ਅਤੇ ਮਾਸੂਮ ਬੱਚੇ ਜ਼ਾਲਮ ਸਰਕਾਰ ਦੀਆਂ ਕਾਲ ਕੋਠੜੀਆਂ ਵਿੱਚ ਨਰਕ ਭੋਗ ਰਹੇ ਹਨ। ਜੋ ਇਸ ਸੰਕਟ ਮਈ ਸਮੇਂ ਵਿੱਚ ਆਪਣੀ ਤਾਕਤ ਨੂੰ ਅਪਨਾਇਆ ਨਹੀਂ ਬਲਕਿ ਦੁਸ਼ਮਣ ਦੇ ਖਿਲਾਫ ਵਰਤਣਾ ਚਾਹੀਦਾ ਹੈ।

ਖਾਲਿਸਤਾਨ ਕਮਾਂਡੋ ਫੋਰਸ ਵਿਦੇਸ਼ਾਂ ਵਿੱਚ ਰਹਿ ਰਹੀਆਂ ਸਿੱਖ ਸੰਗਤਾਂ ਦਾ ਤਹਿ ਦਿਲੋਂ ਧੰਨਵਾਦ ਕਰਦੀ ਹੈ ਕਿ ਤੁਸੀਂ ਸਿੱਖ ਸੰਘਰਸ਼ ਵਿੱਚ ਵੱਧ ਚੜ੍ਹਕੇ ਹਿੱਸਾ ਪਾ ਰਹੇ ਹੋ। ਅਸੀਂ ਧੰਨਵਾਦੀ ਹਾਂ ਉਹਨਾਂ ਮਾਵਾਂ ਦੇ ਜਿੰਨਾਂ ਨੇ ਵਿਦੇਸ਼ਾਂ ਵਿੱਚ ਰਹਿੰਦਿਆਂ ਹੋਇਆਂ ਵੀ ਪੰਜਾਬ ਦੀ ਧਰਤੀ ਨਾਲੋਂ ਮੋਹ ਨਹੀਂ ਤੋੜਿਆ ਸਗੋਂ ਆਪਣੇ ਪੁੱਤਰਾਂ ਨੂੰ ਸਿੱਖ ਸੰਘਰਸ਼ ਲਈ ਕੁਰਬਾਨੀ ਕਮਾਉਣ ਲਈ ਕੁਰਬਾਨੀ ਦੇਣ ਤੋਰਿਆ। ਅਸੀਂ ਹਾਰਦਿਕ ਧੰਨਵਾਦੀ ਹਾਂ ਉਹਨਾਂ ਭੈਣਾਂ ਦੇ ਜਿਨਾਂ ਨੇ ਆਪਣੇ ਲਾਡਲੇ ਵੀਰਾਂ ਨੂੰ ਲਾੜੀ ਮੌਤ ਵਰਨ ਲਈ ਪੰਥੀ ਗਾਨੇ ਬੰਨ ਬੰਨ ਕੇ ਤੋਰਿਆ ਹੈ। ਅਸੀਂ ਤਹਿ ਦਿਲੋਂ ਸ਼ੁਕਰ ਗੁਜ਼ਾਰ ਹਾਂ ਉਹਨਾਂ ਸਿੱਖ ਪ੍ਰੀਵਾਰਾਂ ਦੇ ਜਿਹੜੇ ਖਾਲਿਸਤਾਨ ਦੀ ਧਰਤੀ ਤੋਂ ਹਜ਼ਾਰਾਂ ਮੀਲ ਦੂਰ ਬੈਠੇ ਹੋਏ ਵੀ ਵਧ ਚੜ੍ਹ ਕੇ ਸੰਘਰਸ਼ ਵਿੱਚ ਹਿੱਸਾ ਪਾ ਰਹੇ ਹਨ। ਜਿਸ ਤਰ੍ਹਾਂ ਕਿ ਭਾਈ ਸੁਖਬੀਰ ਸਿੰਘ ਥਾਂਦੇ ਨੇ ਸਮੇਂ ਦੀ ਨਜ਼ਾਕਤ ਪਛਾਣਦੇ ਹੋਏ:

'ਡਗ ਮਗ ਛੋਡ ਰੇ ਮਨ ਬਉਰਾ, ਅਬ ਤਉ ਜਰੇ ਮਰੇ ਸਿਧੁ ਪਾਈਐ, ਲੀਨੋ ਹਾਥ ਸਿੰਧਉਰਾ।'

ਦੇ ਮਹਾਂ ਵਾਕ ਅਨੁਸਾਰ ਆਪਾ ਕੁਰਬਾਨੀ ਕਰਨ ਤੋਂ ਵੀ ਗੁਰੇਜ਼ ਨਹੀਂ ਕੀਤਾ।

ਸਾਧ ਸੰਗਤ ਜੀਓ! ਪਿਛਲੇ ਲੰਬੇ ਸਮੇਂ ਤੋਂ ਆਪ ਖਾਲਿਸਤਾਨ ਦੇ ਸੰਘਰਸ਼ ਵਿੱਚ ਮਾਇਕ ਤੌਰ ਤੇ ਵੀ ਵੱਧ ਚੜ੍ਹਕੇ ਹਿੱਸਾ ਪਾ ਰਹੇ ਹੋ, ਇਸ ਲਈ ਅਸੀਂ ਤੁਹਾਨੂੰ ਯਕੀਨ ਦੁਆਉਂਦੇ ਹਾਂ ਕਿ ਤੁਹਾਡੀ ਖੂਨ ਪਸੀਨੇ ਦੀ ਭੇਜੀ ਹੋਈ ਕਮਾਈ ਦੀ ਦੁਰਵਰਤੋਂ ਨਹੀਂ ਹੋਣ ਦਿੱਤੀ ਜਾਵੇਗੀ। ਕਿਉਂਕਿ ਸਾਨੂੰ ਬੜੀ ਚੰਗੀ ਤਰ੍ਹਾਂ ਅਹਿਸਾਸ ਹੈ ਕਿ ਕਿਸ ਤਰ੍ਹਾਂ ਤੁਸੀਂ ਆਪਣੇ ਢਿੱਡਾਂ ਦੇ ਮੂੰਹੋਂ ਵਿੱਚੋਂ ਕੱਢ ਕੇ ਸਾਡੀਆਂ ਜ਼ਰੂਰਤਾਂ ਪੂਰੀਆਂ ਕਰਦੇ ਹੋ। ਸਾਡੀ ਕੋਲ ਪਹੁੰਚੀ ਹੋਈ ਮਾਇਆ ਦਾ ਪੂਰਾ ਪੂਰਾ ਲਿਖਤੀ ਹਿਸਾਬ ਰੱਖਿਆ ਜਾਂਦਾ ਹੈ ਤਾਂ ਕਿ ਸਿੱਖ ਸੰਗਤਾਂ ਦੀ ਭੇਜੀ ਹੋਈ ਸੇਵਾ ਕੇਵਲ ਤੇ ਕੇਵਲ ਪੰਥਕ ਕਾਰਜਾਂ ਲਈ ਹੀ ਵਰਤੀ ਜਾਵੇ। ਆਪ ਜੀ ਨੂੰ ਪੂਰਨ ਅਧਿਕਾਰ ਹੈ ਕਿ ਜਿਸ ਵੀ ਲੀਡਰ ਸਹਿਬਾਨ ਨੂੰ ਮਾਇਆ ਇੱਕਤਰ ਕਰਕੇ ਦੇਂਦੇ ਹੋ ਉਸ ਦਾ ਲਿਖਤੀ ਹਿਸਾਬ ਮੰਗਿਆ ਜਾਵੇ। ਕਿਉਂਕਿ ਆਪਣੇ ਸੰਘਰਸ਼ ਦਾ ਸਫਰ ਬਹੁਤ ਲੰਬਾ ਹੈ ਤੇ

ਸ਼ਹੀਦ ਜਨਰਲ ਲਾਭ ਸਿੰਘ

ਲੰਬੀਆਂ ਮੰਜ਼ਿਲਾਂ ਤਹਿ ਕਰਦਿਆਂ ਇਹ ਬਹੁਤ ਜ਼ਰੂਰੀ ਹੈ ਕਿ ਪੈਂਡੇ ਤੇ ਧਾਈਆਂ ਵਿੱਚ ਕੋਈ ਆਪ ਜੀ ਸ਼ੰਕਾ ਨਾ ਉਭਰੇ।

ਗੁਰੂ ਰੂਪ ਸਾਧ ਸੰਗਤ ਜੀਓ! ਜਿਸ ਮਹਾਂਬਲੀ ਯੋਧੇ ਦੀ ਯਾਦ ਵਿੱਚ, ਆਪ ਇੱਕਠੇ ਹੋਏ ਹਾਂ ਉਹਨਾਂ ਦੇ ਦੋ ਮਹਾਨ ਸੂਰਬੀਰ ਤੇ ਯੋਧੇ ਸਾਥੀ ਭਾਈ ਹਰਜਿੰਦਰ ਸਿੰਘ 'ਜਿੰਦਾ' ਅਤੇ ਭਾਈ ਸੁਖਦੇਵ ਸਿੰਘ 'ਸੁੱਖਾ' ਸਿੱਖ ਕੌਮ ਪ੍ਰਤੀ ਆਪਣੇ ਫਰਜ਼ ਨਿਭਾਉਂਦੇ ਹੋਏ:-

'ਮੇਰਾ ਮੁਝ ਮੇਂ ਕੁਛ ਨਹੀਂ, ਜੋ ਕਿਛੁ ਹੈ ਸੋ ਤੇਰਾ'

ਦੇ ਮਹਾਂ ਵਾਕ ਅਨੁਸਾਰ ਸਾਹਿਬ ਸ੍ਰੀ ਗੁਰੂ ਗੋਬਿੰਦ ਸਿੰਘ ਦੇ ਚਰਨਾਂ ਵਿੱਚ ਆਪਣੇ ਸੀਸ ਭੇਟ ਕਰ ਚੁੱਕੇ ਹਨ। ਜਿਸ ਤਰ੍ਹਾਂ ਦੀ ਮਿਸਾਲ ਅਖੀਰੀ ਘੜੀ ਭਾਈ ਹਰਜਿੰਦਰ ਸਿੰਘ ਜੀ ਅਤੇ ਭਾਈ ਸੁਖਦੇਵ ਸਿੰਘ ਜੀ ਪੇਸ਼ ਕਰ ਗਏ ਹਨ, ਸ਼ਾਇਦ ਦੁਨੀਆਂ ਦੇ ਇਤਿਹਾਸ ਵਿੱਚ ਪਹਿਲੀ ਹੀ ਮਿਸਾਲ ਹੋਵੇ। ਕੌਮ ਦੇ ਇਹਨਾਂ ਇਤਿਹਾਸਕ ਜਰਨੈਲਾਂ ਦੇ ਦੋ ਨਜ਼ਦੀਕੀ ਜਰਨੈਲ ਸਾਥੀ ਭਾਈ ਰਣਜੀਤ ਸਿੰਘ ਜੀ ਗਿੱਲ 'ਕੁੱਕੀ' ਅਤੇ ਭਾਈ ਸੁਖਵਿੰਦਰ ਸਿੰਘ ਜੀ ਸੰਧੂ 'ਸੁੱਖੀ' ਪਿਛਲੇ ਲੰਮੇ ਸਮੇਂ ਤੋਂ ਅਮਰੀਕਾ ਸਰਕਾਰ ਦੀਆਂ ਕਾਲ ਕੋਠੜੀਆਂ ਵਿੱਚ ਤਸੀਹੇ ਝੱਲਦੇ ਹੋਏ ਵੀ ਸਿੱਖ ਸੰਘਰਸ਼ ਵਿੱਚ ਵੱਧ ਚੜ੍ਹ ਕੇ ਹਿੱਸਾ ਲੈ ਰਹੇ ਹਨ। ਸਾਧ ਸੰਗਤ ਜੀ! ਅਸੀਂ ਤੁਹਾਡੇ ਬਹੁਤ ਸ਼ੁਕਰ ਗੁਜ਼ਾਰ ਹਾਂ ਕਿ ਤੁਸੀਂ ਲੱਖ ਮਜਬੂਰੀਆਂ ਦੀ ਸਾਹਮਣਾ ਕਰਦੇ ਹੋਏ ਵੀ ਮਦਦ ਕਰਦੇ ਹੋ। ਅਗੋਂ ਵੀ ਅਸੀਂ ਤੁਹਾਡੇ ਕੋਲੋਂ ਆਸ ਰੱਖਦੇ ਹਾਂ ਕਿ ਜਿਸ ਤਰ੍ਹਾਂ ਤੁਸੀਂ ਸੰਘਰਸ਼ ਪ੍ਰਤੀ ਆਪਣਾ ਫਰਜ਼ ਨਿਭਾਉਂਦੇ ਆਏ ਹੋ, ਜਿਨ੍ਹਾਂ ਚਿਰ ਸਿੱਖ ਕੌਮ ਆਪਣਾ ਘਰ 'ਖਾਲਿਸਤਾਨ' ਨਹੀਂ ਬਣਾ ਲੈਂਦੀ, ਨਿਭਾਉਂਦੇ ਰਹੋਗੇ।

ਸਾਧ ਸੰਗਤ ਜੀਓ! ਅਸੀਂ ਤੁਹਾਡੇ ਬਹੁਤ ਬਹੁਤ ਧੰਨਵਾਦੀ ਹਾਂ ਕਿ ਤੁਸੀਂ ਆਪਣਾ ਕੀਮਤੀ ਸਮਾਂ ਕੱਢ ਕੇ ਆਪਣੇ ਮਹਾਨ ਸ਼ਹੀਦ ਜਨਰਲ ਭਾਈ ਲਾਭ ਸਿੰਘ ਜੀ ਖਾਲਸਾ ਅਤੇ ਭਾਈ ਸੁਖਬੀਰ ਸਿੰਘ ਜੀ ਥਾਂਦੇ ਨੂੰ ਭਾਵ ਭਿੰਨੀਆਂ ਸ਼ਰਧਾਂਜਲੀਆਂ ਭੇਂਟ ਕਰਨ ਲਈ, ਗੁਰੂ ਮਹਾਰਾਜ ਦੇ ਚਰਨਾਂ ਵਿੱਚ ਜੁੜ ਬੈਠੇ ਹੋ। ਅਤੇ ਖਾਲਿਸਤਾਨ ਕਮਾਂਡੋ ਫੋਰਸ ਦੇ ਮੈਦਾਨੇ ਜੰਗ ਵਿੱਚ ਜੂਝ ਰਹੇ ਸਿੰਘਾਂ ਨੂੰ ਆਪਣੇ ਨਾਲ ਵਿਚਾਰ ਸਾਂਝੇ ਕਰਨ ਦਾ ਮੌਕਾ ਦਿੱਤਾ ਹੈ। ਜੋ ਸ਼ਹੀਦਾਂ ਨੂੰ ਸੱਚੀ ਸ਼ਰਧਾਂਜਲੀ ਇਹੀ ਹੋਵੇਗੀ ਕਿ ਉਹਨਾਂ ਦੇ ਅਧੂਰੇ ਰਹਿ ਚੁੱਕੇ ਕਾਰਜ ਨੂੰ ਹਰ ਕੁਰਬਾਨੀ ਦੇ ਕੇ ਪੂਰਾ ਕੀਤਾ ਜਾਵੇ। ਅਜ਼ਾਦ ਦੇਸ਼ ਖਾਲਿਸਤਾਨ ਦੀ ਸਥਾਪਨਾ ਵਿੱਚ ਆਪਣਾ ਵੱਧ ਤੋਂ ਵੱਧ ਯੋਗਦਾਨ ਪਾਇਆ ਜਾਵੇ ਤਾਂ ਕਿ ਸਿੱਖ ਕੌਮ ਵੀ ਦੁਨੀਆਂ ਦੀਆਂ ਸਭ ਕੌਮਾਂ ਵਾਂਗ ਅਜ਼ਾਦੀ ਦਾ ਨਿੱਘ ਮਾਣਦੀ ਹੋਈ, ਖੁਸ਼ਹਾਲ ਤੇ ਅਣਖ ਵਾਲੀ ਜ਼ਿੰਦਗੀ ਬਸਰ ਕਰ ਸਕੇ।

ਇਹੀ ਸਾਡੀ ਸਾਰਿਆਂ ਦੀ ਸ਼ਹੀਦ ਸਿੰਘਾਂ ਨੂੰ ਸੱਚੀ ਤੇ ਸੁੱਚੀ ਸ਼ਰਧਾਂਜਲੀ ਹੋਵੇਗੀ।

'ਖਾਲਿਸਤਾਨ ਜ਼ਿੰਦਾਬਾਦ'

ਸ਼ਹੀਦ ਜਨਰਲ ਭਾਈ ਲਾਭ ਸਿੰਘ ਜੀ ਖਾਲਸਾ ਅਤੇ ਸ਼ਹੀਦ ਭਾਈ ਸੁਖਬੀਰ ਸਿੰਘ ਜੀ ਥਾਂਦੇ ਸਦਾ ਅਮਰ ਰਹਿਣ!

ਗੁਰੂ ਪੰਥ ਦਾ ਦਾਸ

ਪਰਮਜੀਤ ਸਿੰਘ 'ਪੰਜਵੜ' ਚੀਫ ਜਨਰਲ ਖਾਲਿਸਤਾਨ ਕਮਾਂਡੋ ਫੋਰਸ
